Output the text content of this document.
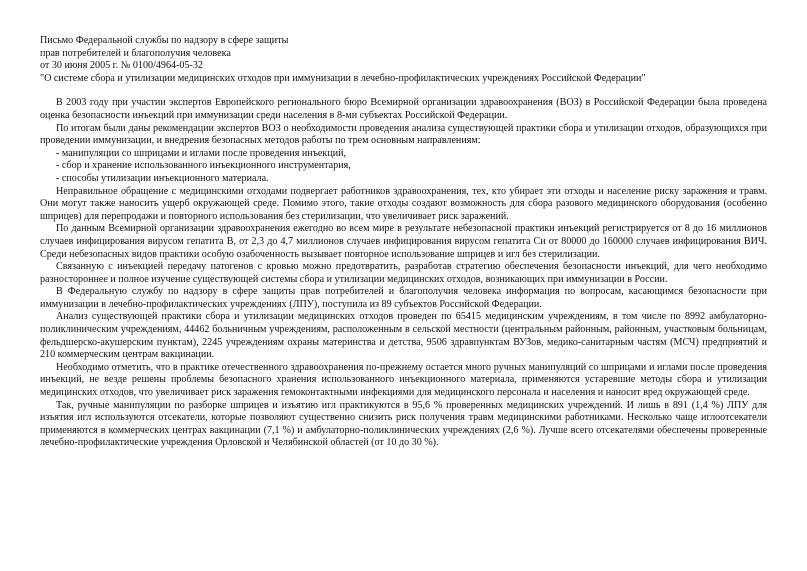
Письмо Федеральной службы по надзору в сфере защиты

прав потребителей и благополучия человека

от 30 июня 2005 г. № 0100/4964-05-32

"О системе сбора и утилизации медицинских отходов при иммунизации в лечебно-профилактических учреждениях Российской Федерации"

В 2003 году при участии экспертов Европейского регионального бюро Всемирной организации здравоохранения (ВОЗ) в Российской Федерации была проведена оценка безопасности инъекций при иммунизации среди населения в 8-ми субъектах Российской Федерации.

По итогам были даны рекомендации экспертов ВОЗ о необходимости проведения анализа существующей практики сбора и утилизации отходов, образующихся при проведении иммунизации, и внедрения безопасных методов работы по трем основным направлениям:

- манипуляции со шприцами и иглами после проведения инъекций,

- сбор и хранение использованного инъекционного инструментария,

- способы утилизации инъекционного материала.

Неправильное обращение с медицинскими отходами подвергает работников здравоохранения, тех, кто убирает эти отходы и население риску заражения и травм. Они могут также наносить ущерб окружающей среде. Помимо этого, такие отходы создают возможность для сбора разового медицинского оборудования (особенно шприцев) для перепродажи и повторного использования без стерилизации, что увеличивает риск заражений.

По данным Всемирной организации здравоохранения ежегодно во всем мире в результате небезопасной практики инъекций регистрируется от 8 до 16 миллионов случаев инфицирования вирусом гепатита В, от 2,3 до 4,7 миллионов случаев инфицирования вирусом гепатита Си от 80000 до 160000 случаев инфицирования ВИЧ. Среди небезопасных видов практики особую озабоченность вызывает повторное использование шприцев и игл без стерилизации.

Связанную с инъекцией передачу патогенов с кровью можно предотвратить, разработав стратегию обеспечения безопасности инъекций, для чего необходимо разностороннее и полное изучение существующей системы сбора и утилизации медицинских отходов, возникающих при иммунизации в России.

В Федеральную службу по надзору в сфере защиты прав потребителей и благополучия человека информация по вопросам, касающимся безопасности при иммунизации в лечебно-профилактических учреждениях (ЛПУ), поступила из 89 субъектов Российской Федерации.

Анализ существующей практики сбора и утилизации медицинских отходов проведен по 65415 медицинским учреждениям, в том числе по 8992 амбулаторно-поликлиническим учреждениям, 44462 больничным учреждениям, расположенным в сельской местности (центральным районным, районным, участковым больницам, фельдшерско-акушерским пунктам), 2245 учреждениям охраны материнства и детства, 9506 здравпунктам ВУЗов, медико-санитарным частям (МСЧ) предприятий и 210 коммерческим центрам вакцинации.

Необходимо отметить, что в практике отечественного здравоохранения по-прежнему остается много ручных манипуляций со шприцами и иглами после проведения инъекций, не везде решены проблемы безопасного хранения использованного инъекционного материала, применяются устаревшие методы сбора и утилизации медицинских отходов, что увеличивает риск заражения гемоконтактными инфекциями для медицинского персонала и населения и наносит вред окружающей среде.

Так, ручные манипуляции по разборке шприцев и изъятию игл практикуются в 95,6 % проверенных медицинских учреждений. И лишь в 891 (1,4 %) ЛПУ для изъятия игл используются отсекатели, которые позволяют существенно снизить риск получения травм медицинскими работниками. Несколько чаще иглоотсекатели применяются в коммерческих центрах вакцинации (7,1 %) и амбулаторно-поликлинических учреждениях (2,6 %). Лучше всего отсекателями обеспечены проверенные лечебно-профилактические учреждения Орловской и Челябинской областей (от 10 до 30 %).
